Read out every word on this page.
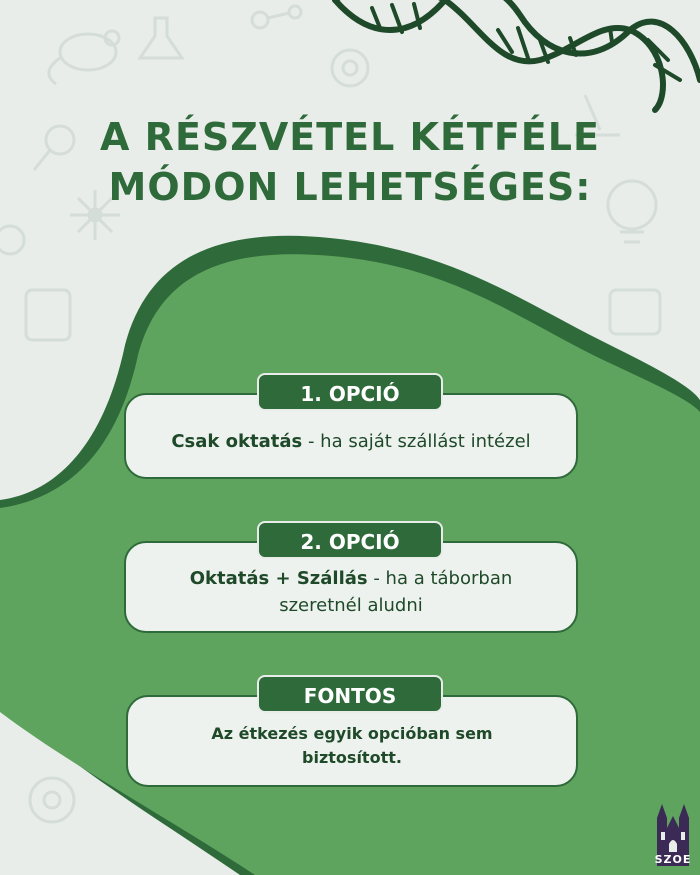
A RÉSZVÉTEL KÉTFÉLE
MÓDON LEHETSÉGES:
1. OPCIÓ
Csak oktatás - ha saját szállást intézel
2. OPCIÓ
Oktatás + Szállás - ha a táborban szeretnél aludni
FONTOS
Az étkezés egyik opcióban sem biztosított.
SZOE
